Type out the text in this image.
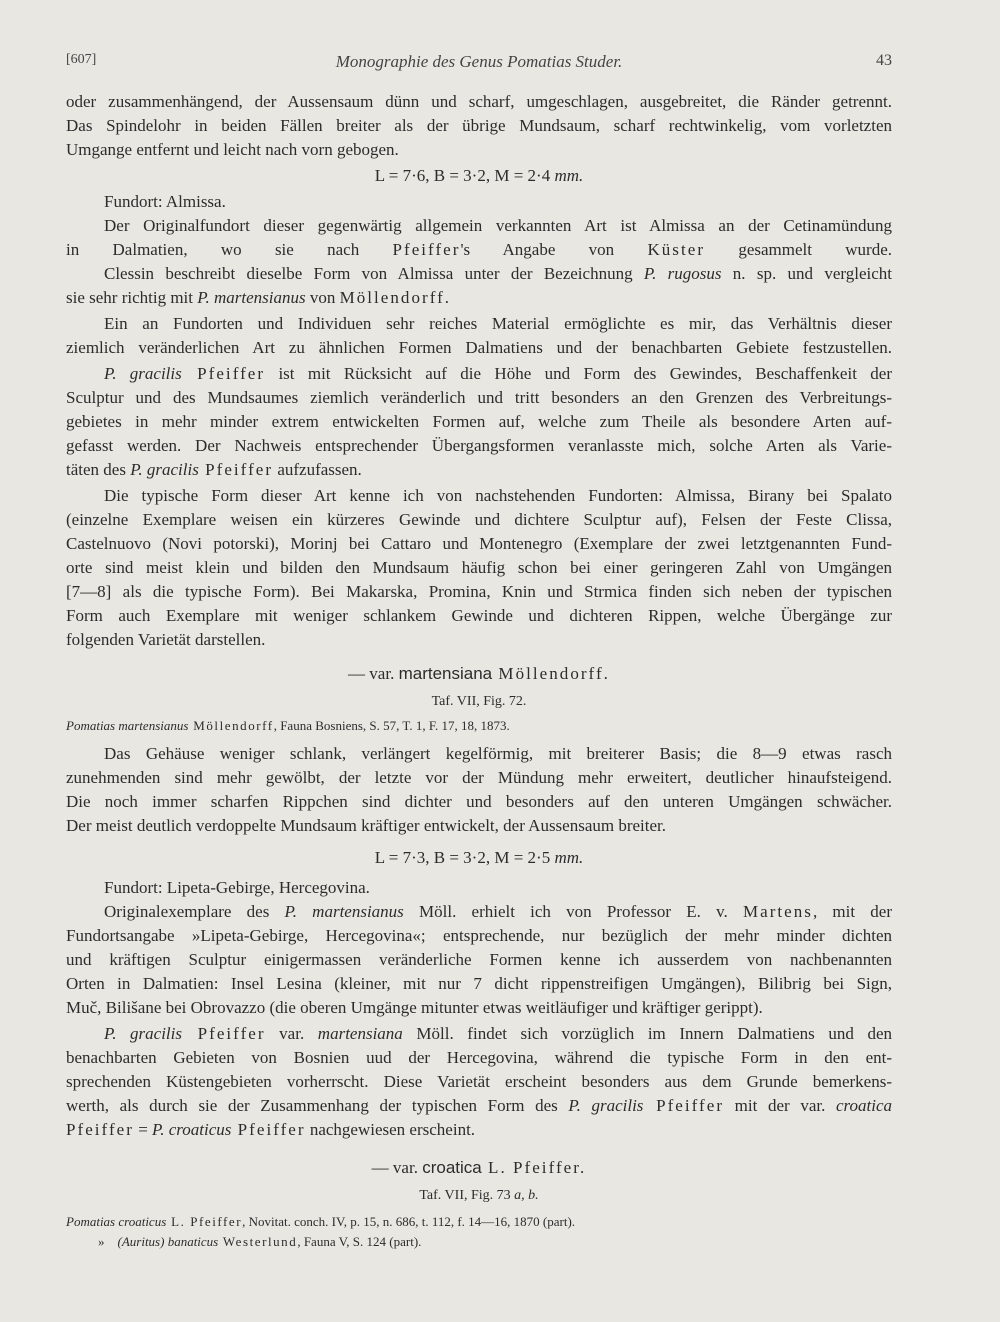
[607]	Monographie des Genus Pomatias Studer.	43
oder zusammenhängend, der Aussensaum dünn und scharf, umgeschlagen, ausgebreitet, die Ränder getrennt.
Das Spindelohr in beiden Fällen breiter als der übrige Mundsaum, scharf rechtwinkelig, vom vorletzten
Umgange entfernt und leicht nach vorn gebogen.
L = 7·6, B = 3·2, M = 2·4 mm.
Fundort: Almissa.
Der Originalfundort dieser gegenwärtig allgemein verkannten Art ist Almissa an der Cetinamündung
in Dalmatien, wo sie nach Pfeiffer's Angabe von Küster gesammelt wurde.
Clessin beschreibt dieselbe Form von Almissa unter der Bezeichnung P. rugosus n. sp. und vergleicht
sie sehr richtig mit P. martensianus von Möllendorff.
Ein an Fundorten und Individuen sehr reiches Material ermöglichte es mir, das Verhältnis dieser
ziemlich veränderlichen Art zu ähnlichen Formen Dalmatiens und der benachbarten Gebiete festzustellen.
P. gracilis Pfeiffer ist mit Rücksicht auf die Höhe und Form des Gewindes, Beschaffenkeit der
Sculptur und des Mundsaumes ziemlich veränderlich und tritt besonders an den Grenzen des Verbreitungs-
gebietes in mehr minder extrem entwickelten Formen auf, welche zum Theile als besondere Arten auf-
gefasst werden. Der Nachweis entsprechender Übergangsformen veranlasste mich, solche Arten als Varie-
täten des P. gracilis Pfeiffer aufzufassen.
Die typische Form dieser Art kenne ich von nachstehenden Fundorten: Almissa, Birany bei Spalato
(einzelne Exemplare weisen ein kürzeres Gewinde und dichtere Sculptur auf), Felsen der Feste Clissa,
Castelnuovo (Novi potorski), Morinj bei Cattaro und Montenegro (Exemplare der zwei letztgenannten Fund-
orte sind meist klein und bilden den Mundsaum häufig schon bei einer geringeren Zahl von Umgängen
[7—8] als die typische Form). Bei Makarska, Promina, Knin und Strmica finden sich neben der typischen
Form auch Exemplare mit weniger schlankem Gewinde und dichteren Rippen, welche Übergänge zur
folgenden Varietät darstellen.
— var. martensiana Möllendorff.
Taf. VII, Fig. 72.
Pomatias martensianus Möllendorff, Fauna Bosniens, S. 57, T. 1, F. 17, 18, 1873.
Das Gehäuse weniger schlank, verlängert kegelförmig, mit breiterer Basis; die 8—9 etwas rasch
zunehmenden sind mehr gewölbt, der letzte vor der Mündung mehr erweitert, deutlicher hinaufsteigend.
Die noch immer scharfen Rippchen sind dichter und besonders auf den unteren Umgängen schwächer.
Der meist deutlich verdoppelte Mundsaum kräftiger entwickelt, der Aussensaum breiter.
L = 7·3, B = 3·2, M = 2·5 mm.
Fundort: Lipeta-Gebirge, Hercegovina.
Originalexemplare des P. martensianus Möll. erhielt ich von Professor E. v. Martens, mit der
Fundortsangabe »Lipeta-Gebirge, Hercegovina«; entsprechende, nur bezüglich der mehr minder dichten
und kräftigen Sculptur einigermassen veränderliche Formen kenne ich ausserdem von nachbenannten
Orten in Dalmatien: Insel Lesina (kleiner, mit nur 7 dicht rippenstreifigen Umgängen), Bilibrig bei Sign,
Muč, Bilišane bei Obrovazzo (die oberen Umgänge mitunter etwas weitläufiger und kräftiger gerippt).
P. gracilis Pfeiffer var. martensiana Möll. findet sich vorzüglich im Innern Dalmatiens und den
benachbarten Gebieten von Bosnien uud der Hercegovina, während die typische Form in den ent-
sprechenden Küstengebieten vorherrscht. Diese Varietät erscheint besonders aus dem Grunde bemerkens-
werth, als durch sie der Zusammenhang der typischen Form des P. gracilis Pfeiffer mit der var. croatica
Pfeiffer = P. croaticus Pfeiffer nachgewiesen erscheint.
— var. croatica L. Pfeiffer.
Taf. VII, Fig. 73 a, b.
Pomatias croaticus L. Pfeiffer, Novitat. conch. IV, p. 15, n. 686, t. 112, f. 14—16, 1870 (part).
» (Auritus) banaticus Westerlund, Fauna V, S. 124 (part).
